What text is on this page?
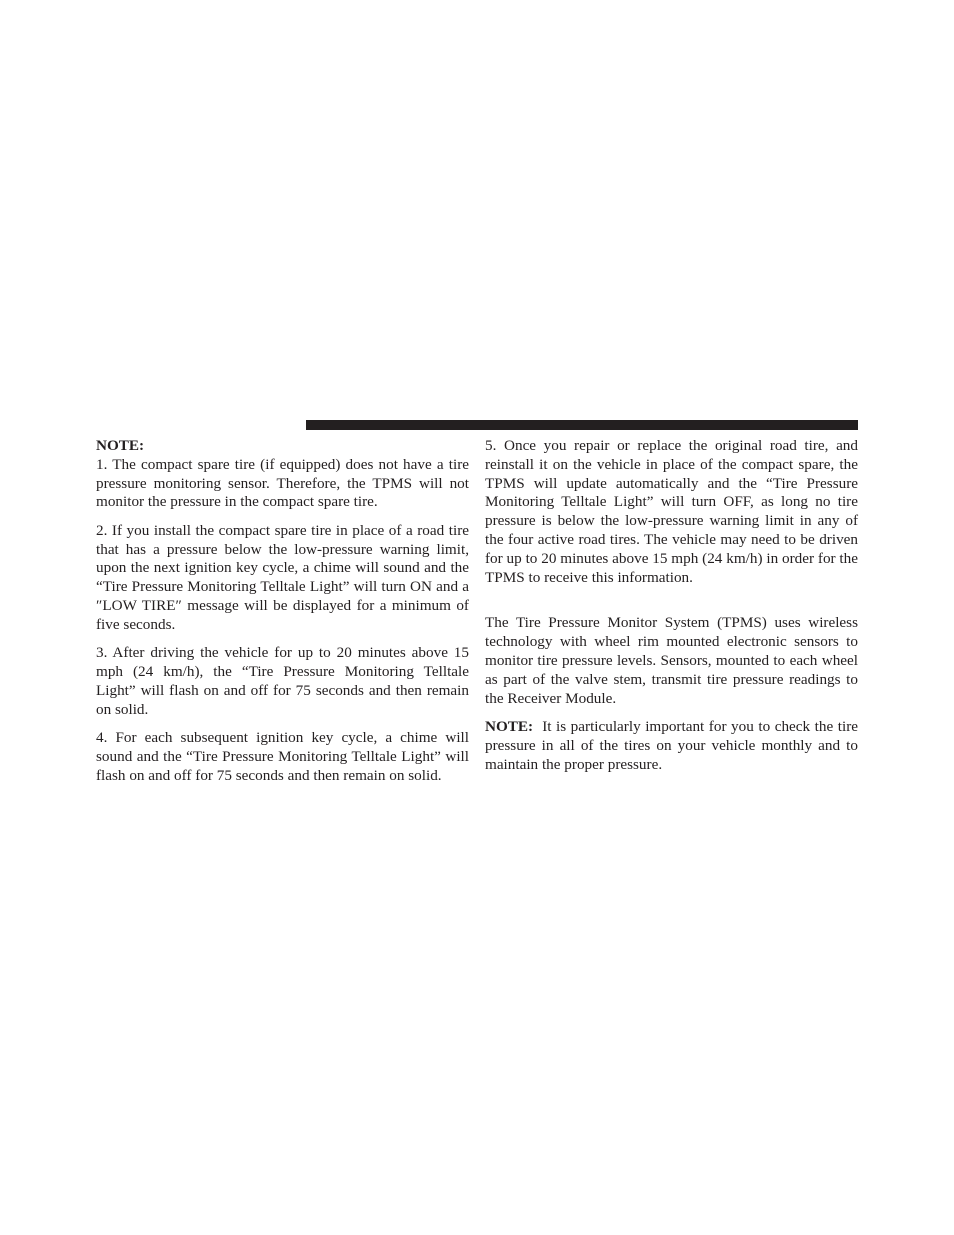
NOTE:

1. The compact spare tire (if equipped) does not have a tire pressure monitoring sensor. Therefore, the TPMS will not monitor the pressure in the compact spare tire.

2. If you install the compact spare tire in place of a road tire that has a pressure below the low-pressure warning limit, upon the next ignition key cycle, a chime will sound and the “Tire Pressure Monitoring Telltale Light” will turn ON and a ″LOW TIRE″ message will be displayed for a minimum of five seconds.

3. After driving the vehicle for up to 20 minutes above 15 mph (24 km/h), the “Tire Pressure Monitoring Telltale Light” will flash on and off for 75 seconds and then remain on solid.

4. For each subsequent ignition key cycle, a chime will sound and the “Tire Pressure Monitoring Telltale Light” will flash on and off for 75 seconds and then remain on solid.

5. Once you repair or replace the original road tire, and reinstall it on the vehicle in place of the compact spare, the TPMS will update automatically and the “Tire Pressure Monitoring Telltale Light” will turn OFF, as long no tire pressure is below the low-pressure warning limit in any of the four active road tires. The vehicle may need to be driven for up to 20 minutes above 15 mph (24 km/h) in order for the TPMS to receive this information.

The Tire Pressure Monitor System (TPMS) uses wireless technology with wheel rim mounted electronic sensors to monitor tire pressure levels. Sensors, mounted to each wheel as part of the valve stem, transmit tire pressure readings to the Receiver Module.

NOTE: It is particularly important for you to check the tire pressure in all of the tires on your vehicle monthly and to maintain the proper pressure.
